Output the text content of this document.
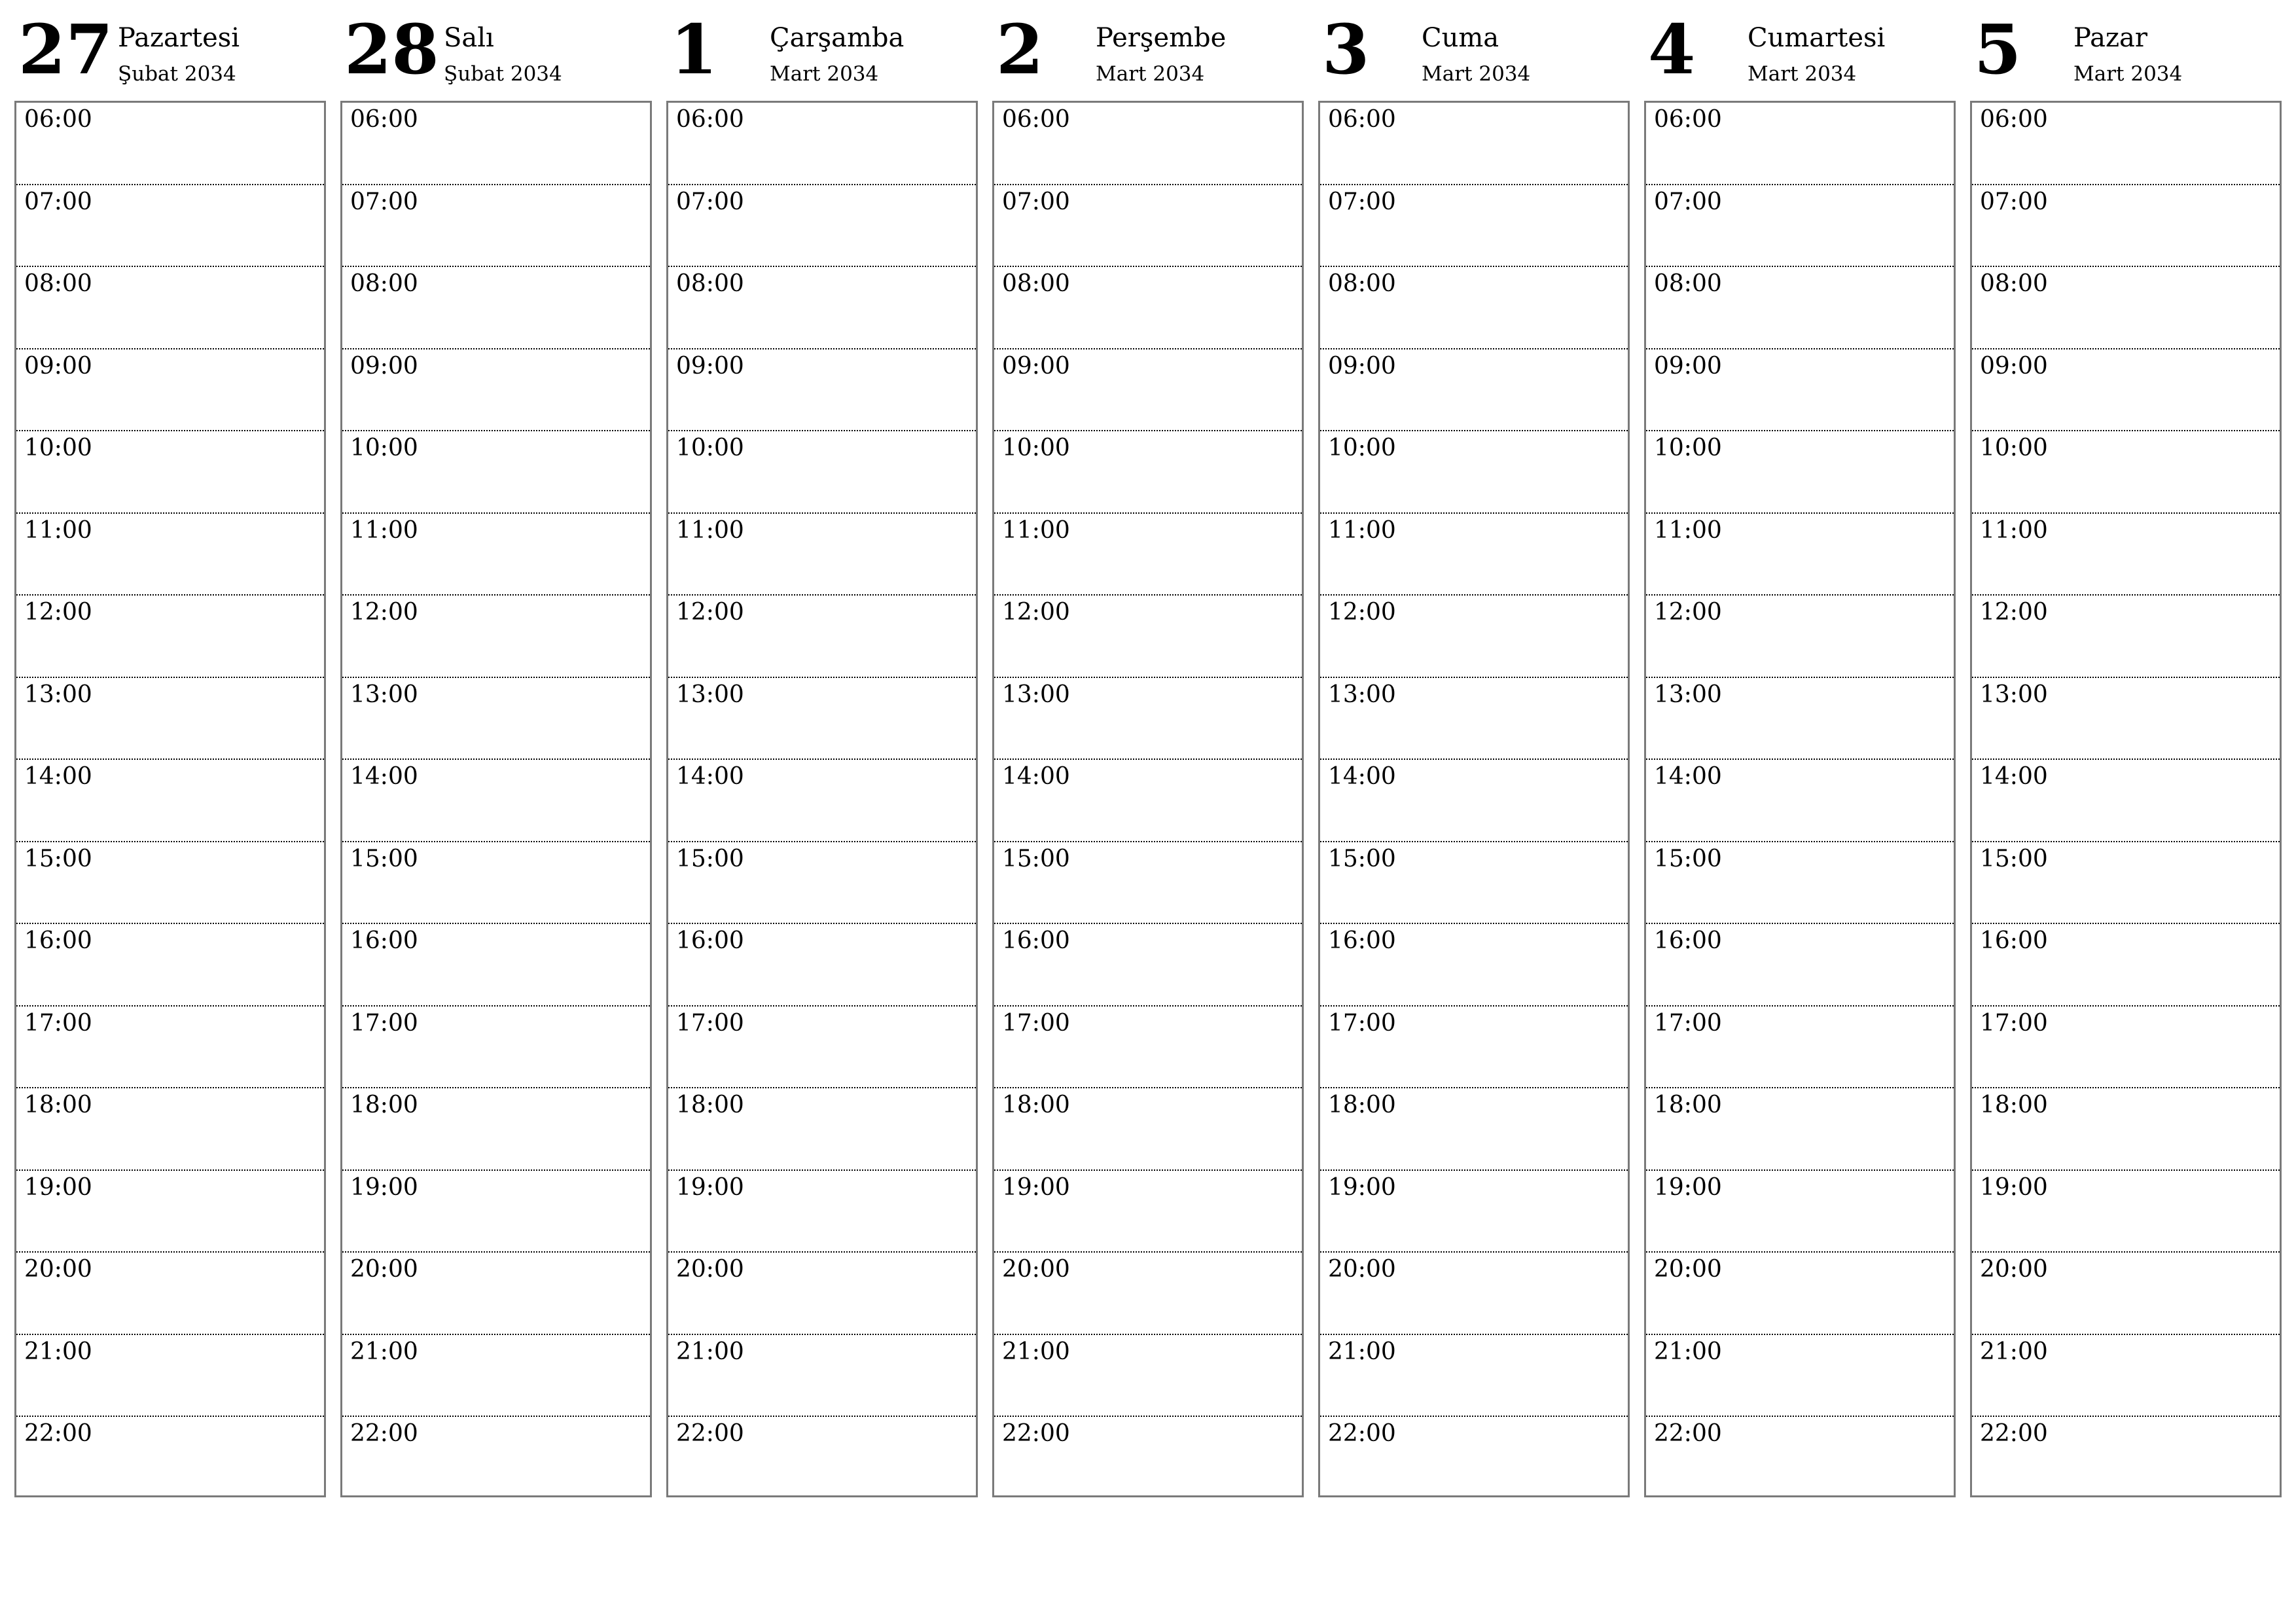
27 Pazartesi
Şubat 2034
06:00
07:00
08:00
09:00
10:00
11:00
12:00
13:00
14:00
15:00
16:00
17:00
18:00
19:00
20:00
21:00
22:00
28 Salı
Şubat 2034
06:00
07:00
08:00
09:00
10:00
11:00
12:00
13:00
14:00
15:00
16:00
17:00
18:00
19:00
20:00
21:00
22:00
1 Çarşamba
Mart 2034
06:00
07:00
08:00
09:00
10:00
11:00
12:00
13:00
14:00
15:00
16:00
17:00
18:00
19:00
20:00
21:00
22:00
2 Perşembe
Mart 2034
06:00
07:00
08:00
09:00
10:00
11:00
12:00
13:00
14:00
15:00
16:00
17:00
18:00
19:00
20:00
21:00
22:00
3 Cuma
Mart 2034
06:00
07:00
08:00
09:00
10:00
11:00
12:00
13:00
14:00
15:00
16:00
17:00
18:00
19:00
20:00
21:00
22:00
4 Cumartesi
Mart 2034
06:00
07:00
08:00
09:00
10:00
11:00
12:00
13:00
14:00
15:00
16:00
17:00
18:00
19:00
20:00
21:00
22:00
5 Pazar
Mart 2034
06:00
07:00
08:00
09:00
10:00
11:00
12:00
13:00
14:00
15:00
16:00
17:00
18:00
19:00
20:00
21:00
22:00
